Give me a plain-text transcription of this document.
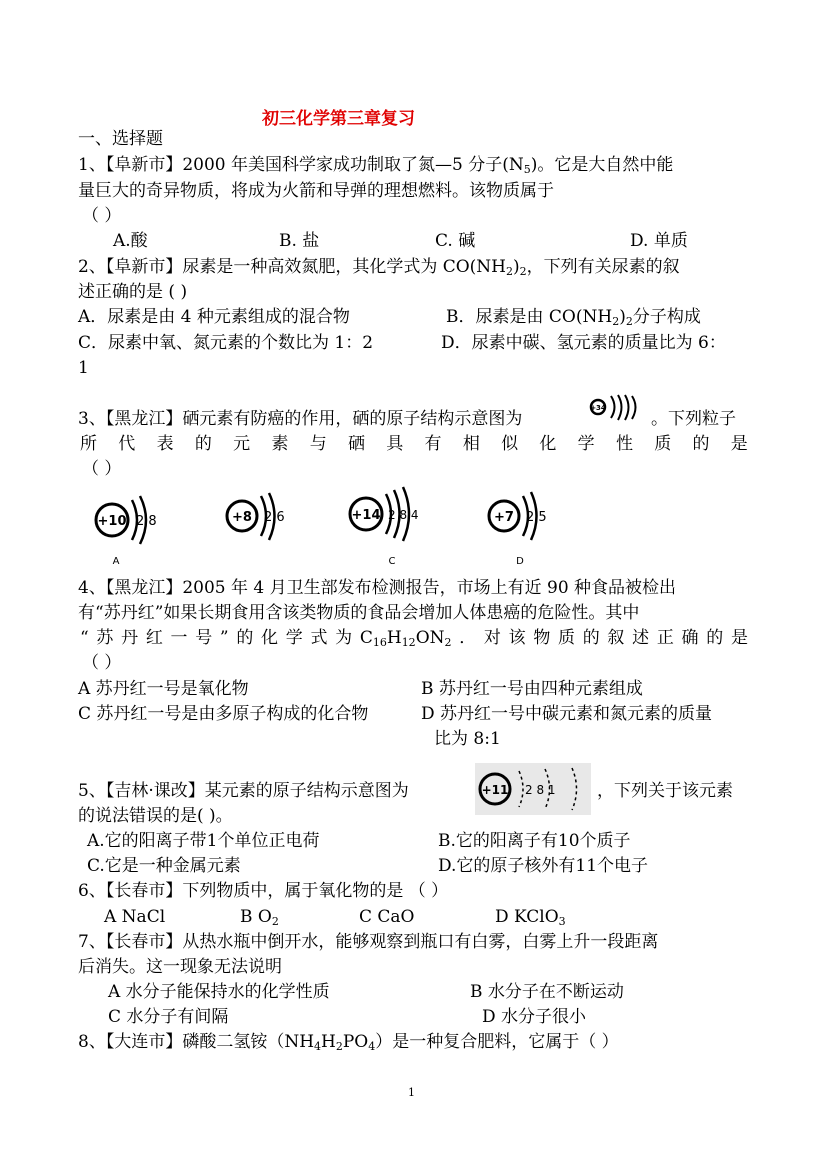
初三化学第三章复习
一、选择题
1、【阜新市】2000 年美国科学家成功制取了氮—5 分子$(N_5)$。它是大自然中能
量巨大的奇异物质，将成为火箭和导弹的理想燃料。该物质属于
（ ）
A.酸	B. 盐	C. 碱	D. 单质
2、【阜新市】尿素是一种高效氮肥，其化学式为 $CO(NH_2)_2$，下列有关尿素的叙
述正确的是 ( )
A．尿素是由 4 种元素组成的混合物	B．尿素是由 $CO(NH_2)_2$分子构成
C．尿素中氧、氮元素的个数比为 1：2	D．尿素中碳、氢元素的质量比为 6：
1
3、【黑龙江】硒元素有防癌的作用，硒的原子结构示意图为
+34
。下列粒子
所 代 表 的 元 素 与 硒 具 有 相 似 化 学 性 质 的 是
（ ）
+10 2 8
A
+8 2 6	+14 2 8 4
C
+7 2 5
D
4、【黑龙江】2005 年 4 月卫生部发布检测报告，市场上有近 90 种食品被检出
有“苏丹红”如果长期食用含该类物质的食品会增加人体患癌的危险性。其中
“ 苏 丹 红 一 号 ” 的 化 学 式 为 $C_{16}H_{12}ON_2$ ． 对 该 物 质 的 叙 述 正 确 的 是
（ ）
A 苏丹红一号是氧化物	B 苏丹红一号由四种元素组成
C 苏丹红一号是由多原子构成的化合物	D 苏丹红一号中碳元素和氮元素的质量
比为 8:1
5、【吉林·课改】某元素的原子结构示意图为	+11 2 8 1 ，下列关于该元素
的说法错误的是( )。
A.它的阳离子带1个单位正电荷	B.它的阳离子有10个质子
C.它是一种金属元素	D.它的原子核外有11个电子
6、【长春市】下列物质中，属于氧化物的是 （ ）
A NaCl	B $O_2$	C CaO	D KClO$_3$
7、【长春市】从热水瓶中倒开水，能够观察到瓶口有白雾，白雾上升一段距离
后消失。这一现象无法说明
A 水分子能保持水的化学性质	B 水分子在不断运动
C 水分子有间隔	D 水分子很小
8、【大连市】磷酸二氢铵$(NH_4H_2PO_4)$是一种复合肥料，它属于（ ）
1
